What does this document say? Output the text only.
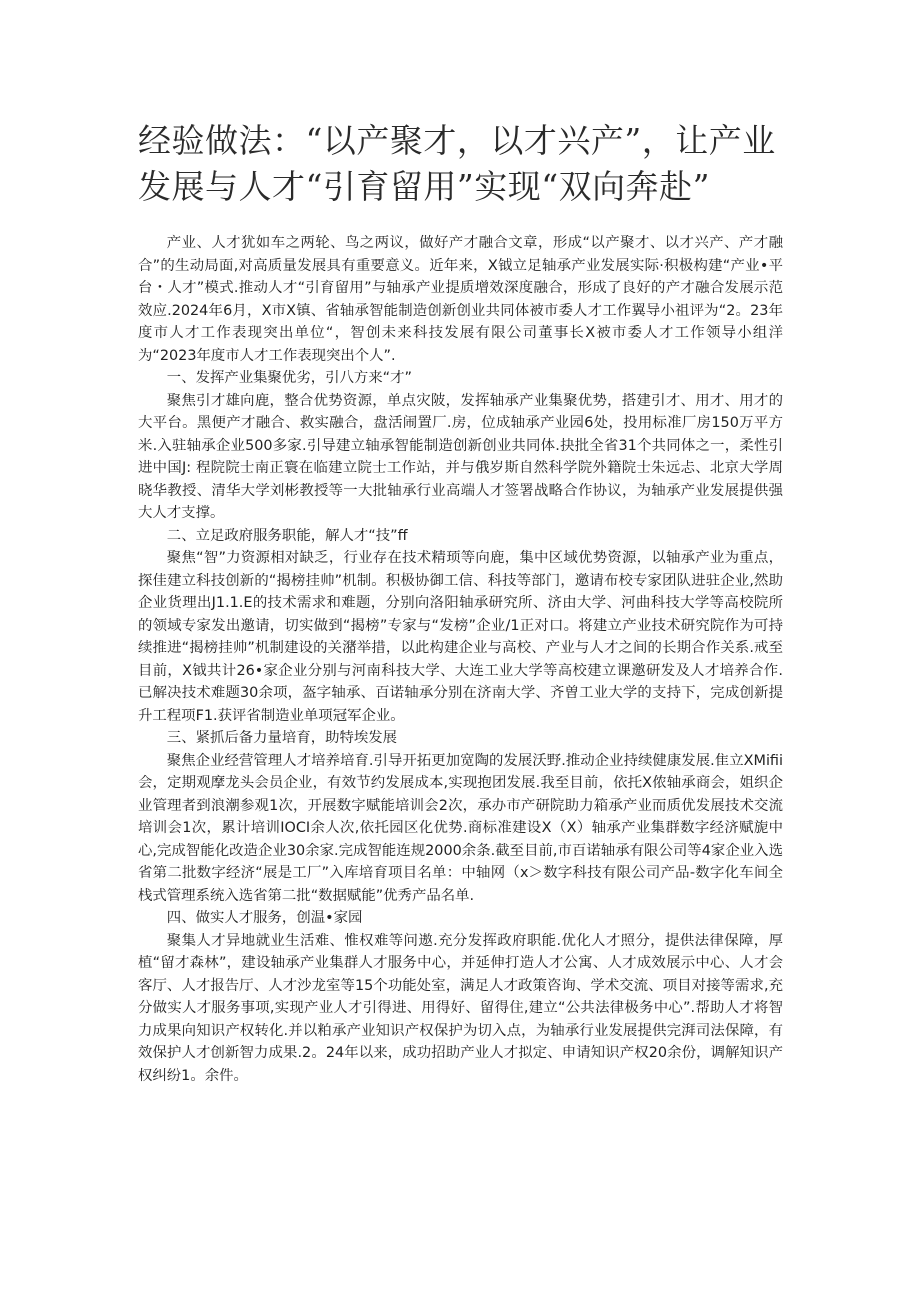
经验做法：“以产聚才，以才兴产”，让产业发展与人才“引育留用”实现“双向奔赴”

产业、人才犹如车之两轮、鸟之两议，做好产才融合文章，形成“以产聚才、以才兴产、产才融合”的生动局面,对高质量发展具有重要意义。近年来，X钺立足轴承产业发展实际·积极构建“产业•平台・人才”模式.推动人才“引育留用”与轴承产业提质增效深度融合，形成了良好的产才融合发展示范效应.2024年6月，X市X镇、省轴承智能制造创新创业共同体被市委人才工作翼导小祖评为“2。23年度市人才工作表现突出单位“，智创未来科技发展有限公司董事长X被市委人才工作领导小组洋为“2023年度市人才工作表现突出个人”.

一、发挥产业集聚优劣，引八方来“才”

聚焦引才雄向鹿，整合优势资源，单点灾陂，发挥轴承产业集聚优势，搭建引才、用才、用才的大平台。黑便产才融合、救实融合，盘活闹置厂.房，位成轴承产业园6处，投用标准厂房150万平方米.入驻轴承企业500多家.引导建立轴承智能制造创新创业共同体.抉批全省31个共同体之一，柔性引进中国J: 程院院士南正寰在临建立院士工作站，并与俄岁斯自然科学院外籍院士朱远忐、北京大学周晓华教授、清华大学刘彬教授等一大批轴承行业高端人才签署战略合作协议，为轴承产业发展提供强大人才支撑。

二、立足政府服务职能，解人才“技”ff

聚焦“智”力资源相对缺乏，行业存在技术精顼等向鹿，集中区域优势资源，以轴承产业为重点，探佳建立科技创新的“揭榜挂帅”机制。积极协御工信、科技等部门，邀请布校专家团队进驻企业,然助企业货理出J1.1.E的技术需求和难题，分别向洛阳轴承研究所、济由大学、河曲科技大学等高校院所的领域专家发出邀请，切实做到“揭榜”专家与“发榜”企业/1正对口。将建立产业技术研究院作为可持续推进“揭榜挂帅”机制建设的关潴举措，以此构建企业与高校、产业与人才之间的长期合作关系.戒至目前，X钺共计26•家企业分别与河南科技大学、大连工业大学等高校建立课邀研发及人才培养合作.已解决技术难题30余项，盔字轴承、百诺轴承分别在济南大学、齐曽工业大学的支持下，完成创新提升工程项F1.获评省制造业单项冠军企业。

三、紧抓后备力量培育，助特埃发展

聚焦企业经营管理人才培养培育.引导开拓更加宽陶的发展沃野.推动企业持续健康发展.隹立XMifii会，定期观摩龙头会员企业，有效节约发展成本,实现抱团发展.我至目前，依托X侬轴承商会，姐织企业管理者到浪潮参观1次，开展数字赋能培训会2次，承办市产研院助力箱承产业而质优发展技术交流培训会1次，累计培训IOCI余人次,依托园区化优势.商标准建设X（X）轴承产业集群数字经济赋旎中心,完成智能化改造企业30余家.完成智能连规2000余条.截至目前,市百诺轴承有限公司等4家企业入选省第二批数字经济“展是工厂”入库培育项目名单：中轴网（x＞数字科技有限公司产品-数字化车间全栈式管理系统入选省第二批“数据赋能”优秀产品名单.

四、做实人才服务，创温•家园

聚集人才异地就业生活难、惟权难等问遨.充分发挥政府职能.优化人才照分，提供法律保障，厚植“留才森林”，建设轴承产业集群人才服务中心，并延伸打造人才公寓、人才成效展示中心、人才会客厅、人才报告厅、人才沙龙室等15个功能处室，满足人才政策咨询、学术交流、项目对接等需求,充分做实人才服务事项,实现产业人才引得进、用得好、留得住,建立“公共法律极务中心”.帮助人才将智力成果向知识产权转化.并以粕承产业知识产权保护为切入点，为轴承行业发展提供完湃司法保障，有效保护人才创新智力成果.2。24年以来，成功招助产业人才拟定、申请知识产权20余份，调解知识产权纠纷1。余件。
